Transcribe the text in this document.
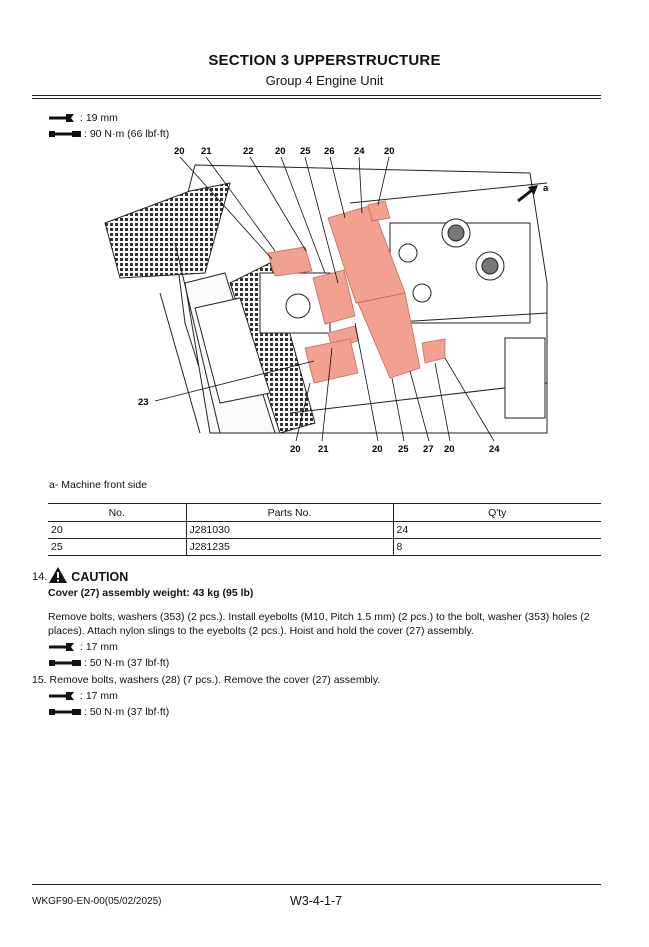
SECTION 3 UPPERSTRUCTURE
Group 4 Engine Unit
: 19 mm
: 90 N·m (66 lbf·ft)
a
20 21	22 20 25 26 24 20
23
20 21	20 25 27 20	24
a- Machine front side
No.	Parts No.	Q'ty
20	J281030	24
25	J281235	8
14. CAUTION
Cover (27) assembly weight: 43 kg (95 lb)
Remove bolts, washers (353) (2 pcs.). Install eyebolts (M10, Pitch 1.5 mm) (2 pcs.) to the bolt, washer (353) holes (2 places). Attach nylon slings to the eyebolts (2 pcs.). Hoist and hold the cover (27) assembly.
: 17 mm
: 50 N·m (37 lbf·ft)
15. Remove bolts, washers (28) (7 pcs.). Remove the cover (27) assembly.
: 17 mm
: 50 N·m (37 lbf·ft)
WKGF90-EN-00(05/02/2025)	W3-4-1-7
